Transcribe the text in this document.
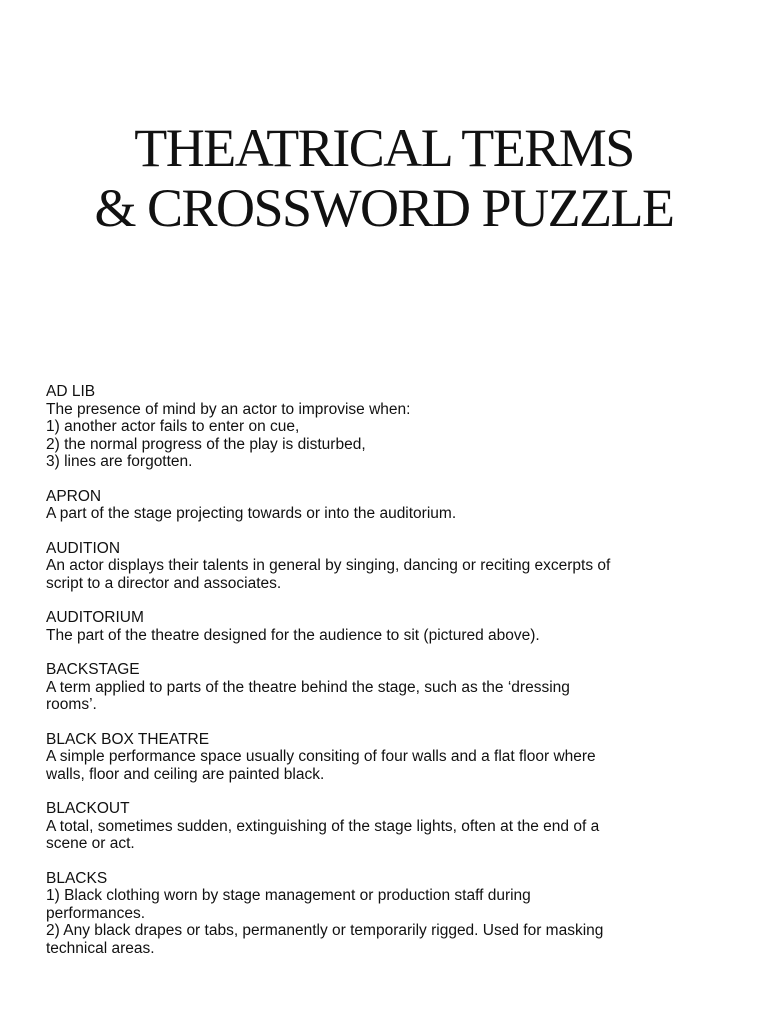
THEATRICAL TERMS
& CROSSWORD PUZZLE
AD LIB
The presence of mind by an actor to improvise when:
1) another actor fails to enter on cue,
2) the normal progress of the play is disturbed,
3) lines are forgotten.
APRON
A part of the stage projecting towards or into the auditorium.
AUDITION
An actor displays their talents in general by singing, dancing or reciting excerpts of
script to a director and associates.
AUDITORIUM
The part of the theatre designed for the audience to sit (pictured above).
BACKSTAGE
A term applied to parts of the theatre behind the stage, such as the ‘dressing
rooms’.
BLACK BOX THEATRE
A simple performance space usually consiting of four walls and a flat floor where
walls, floor and ceiling are painted black.
BLACKOUT
A total, sometimes sudden, extinguishing of the stage lights, often at the end of a
scene or act.
BLACKS
1) Black clothing worn by stage management or production staff during
performances.
2) Any black drapes or tabs, permanently or temporarily rigged. Used for masking
technical areas.
